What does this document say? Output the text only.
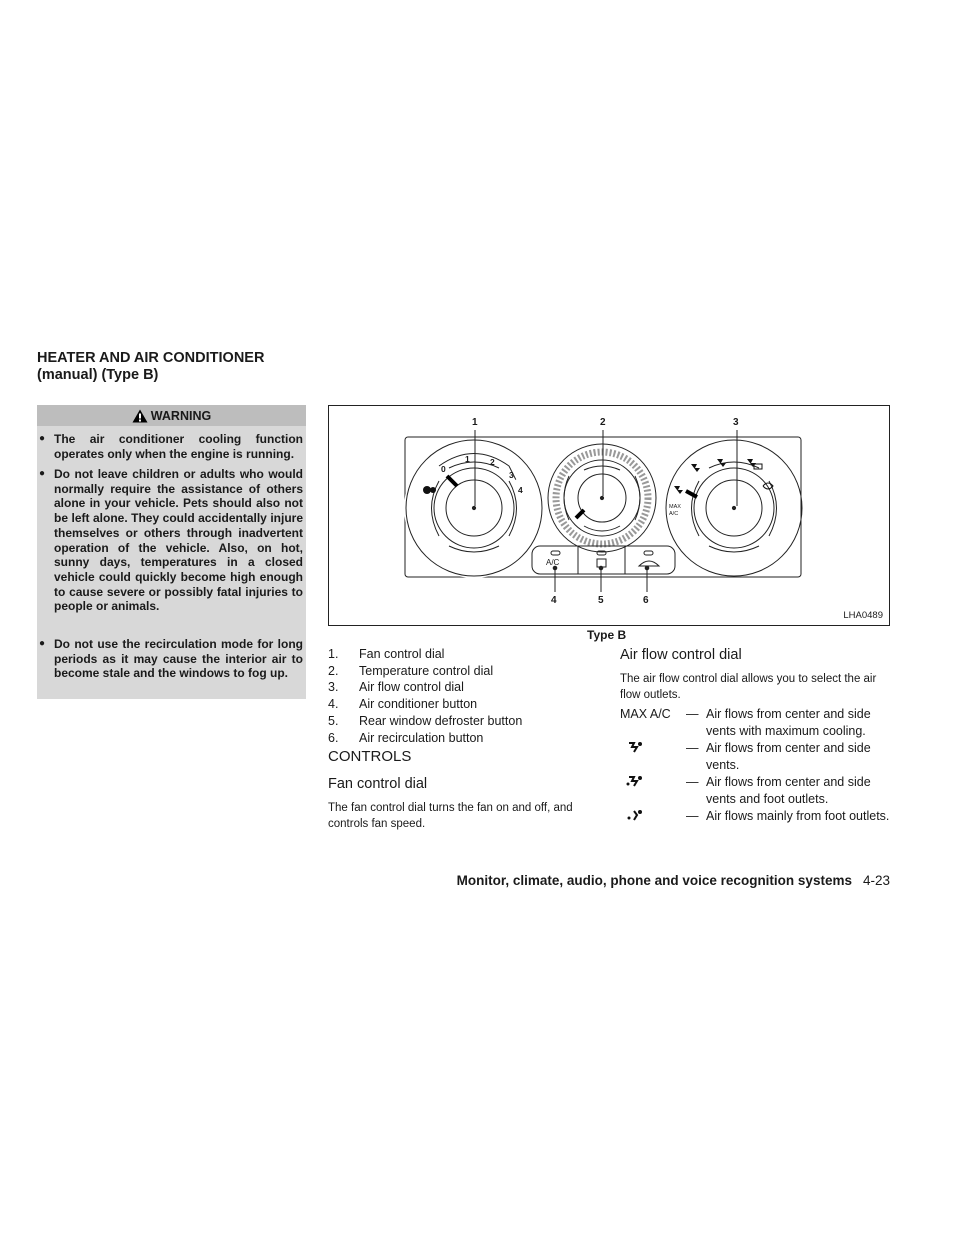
HEATER AND AIR CONDITIONER
(manual) (Type B)
WARNING
● The air conditioner cooling function operates only when the engine is running.
● Do not leave children or adults who would normally require the assistance of others alone in your vehicle. Pets should also not be left alone. They could accidentally injure themselves or others through inadvertent operation of the vehicle. Also, on hot, sunny days, temperatures in a closed vehicle could quickly become high enough to cause severe or possibly fatal injuries to people or animals.
● Do not use the recirculation mode for long periods as it may cause the interior air to become stale and the windows to fog up.
1	2	3
4	5	6
0
1 2
3
4
A/C
MAX A/C
LHA0489
Type B
1. Fan control dial
2. Temperature control dial
3. Air flow control dial
4. Air conditioner button
5. Rear window defroster button
6. Air recirculation button
CONTROLS
Fan control dial
The fan control dial turns the fan on and off, and controls fan speed.
Air flow control dial
The air flow control dial allows you to select the air flow outlets.
MAX A/C — Air flows from center and side vents with maximum cooling.
— Air flows from center and side vents.
— Air flows from center and side vents and foot outlets.
— Air flows mainly from foot outlets.
Monitor, climate, audio, phone and voice recognition systems 4-23
